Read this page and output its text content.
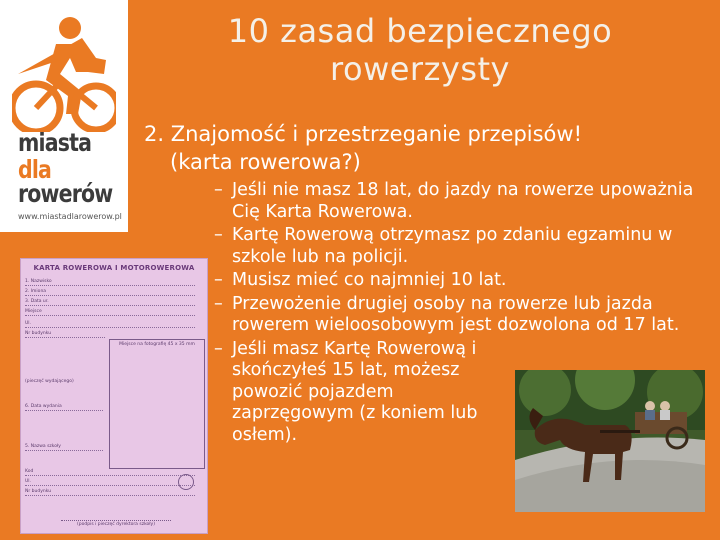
miasta
dla
rowerów
www.miastadlarowerow.pl
10 zasad bezpiecznego
rowerzysty
2. Znajomość i przestrzeganie przepisów!
(karta rowerowa?)
– Jeśli nie masz 18 lat, do jazdy na rowerze upoważnia Cię Karta Rowerowa.
– Kartę Rowerową otrzymasz po zdaniu egzaminu w szkole lub na policji.
– Musisz mieć co najmniej 10 lat.
– Przewożenie drugiej osoby na rowerze lub jazda rowerem wieloosobowym jest dozwolona od 17 lat.
– Jeśli masz Kartę Rowerową i skończyłeś 15 lat, możesz powozić pojazdem zaprzęgowym (z koniem lub osłem).
KARTA ROWEROWA I MOTOROWEROWA
1. Nazwisko
2. Imiona
3. Data ur.
Miejsce
Ul.
Nr budynku
(pieczęć wydającego)
6. Data wydania
5. Nazwa szkoły
Kod
Ul.
Nr budynku
Miejsce na fotografię 45 x 35 mm
(podpis i pieczęć dyrektora szkoły)
